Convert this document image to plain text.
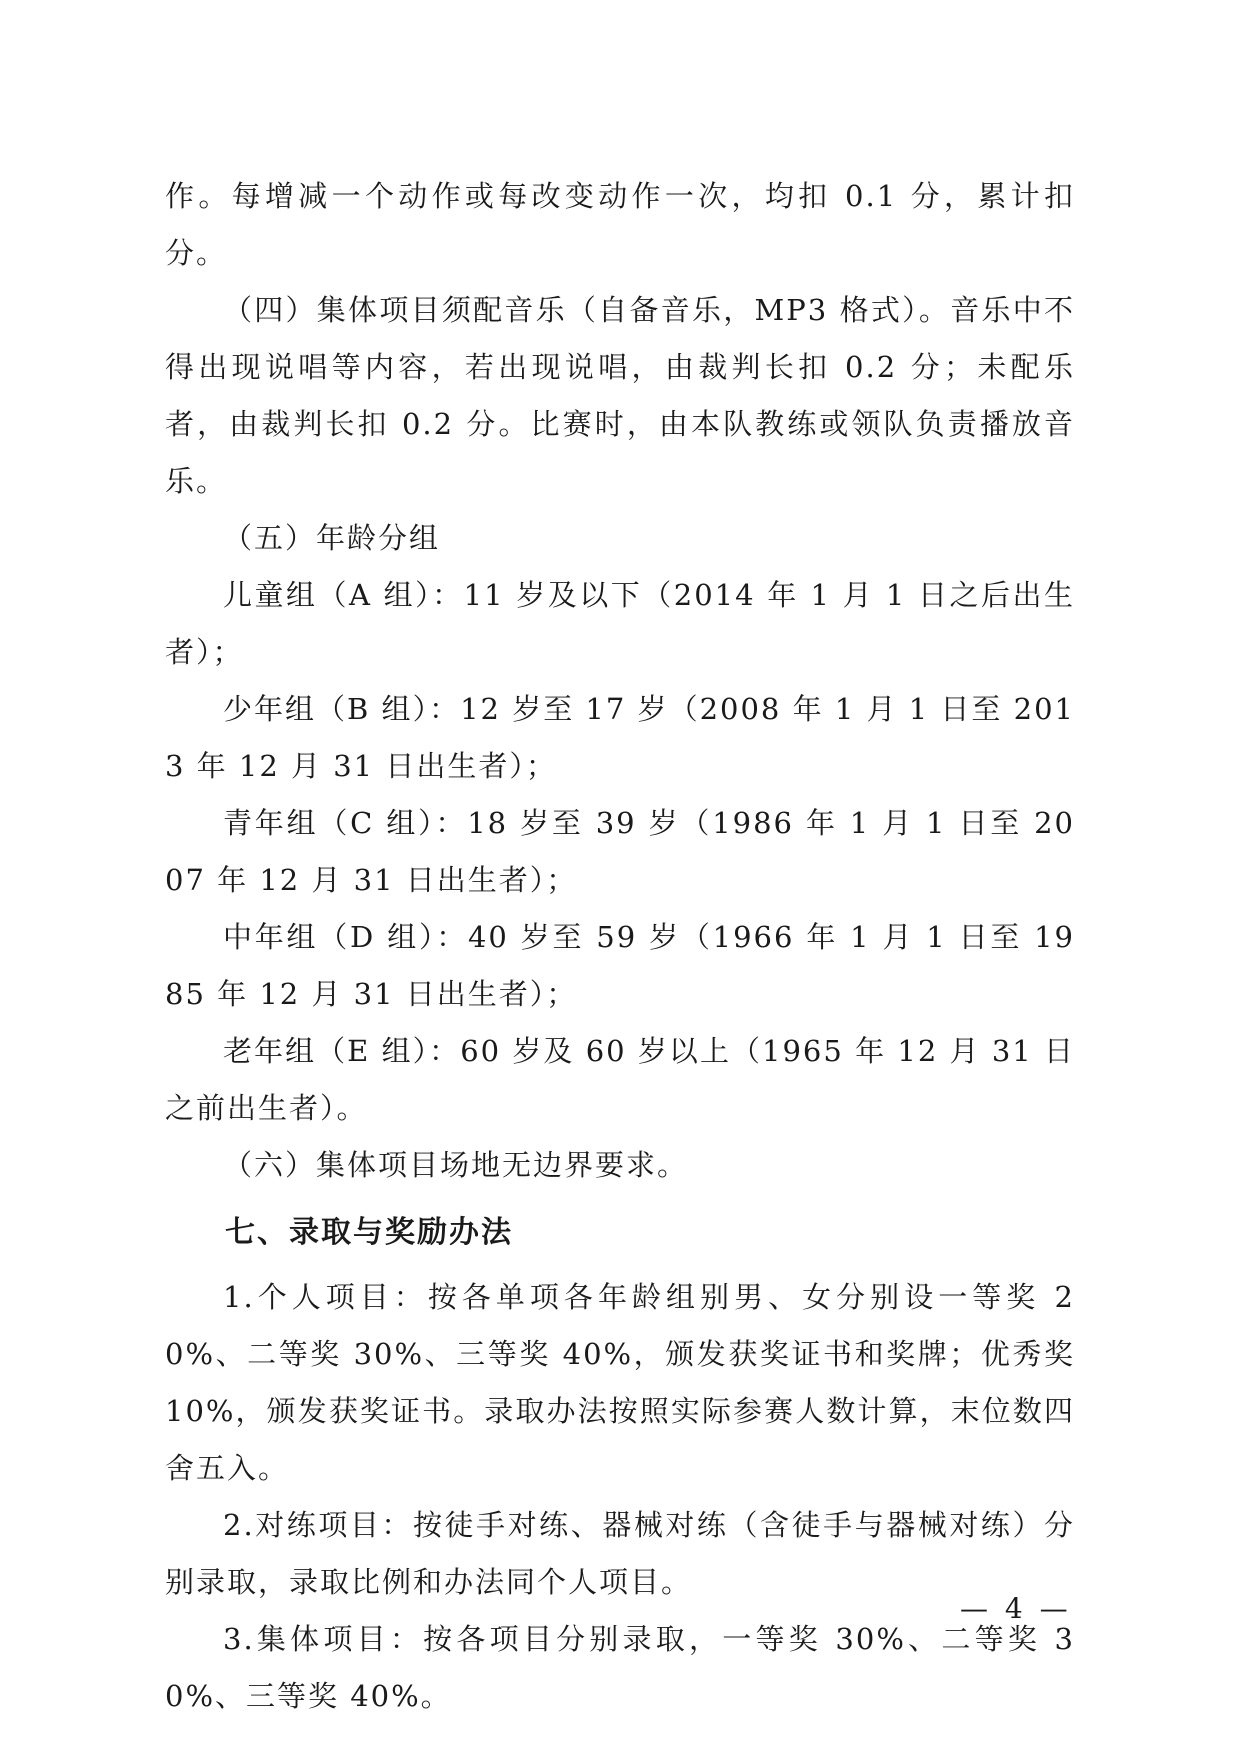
作。每增减一个动作或每改变动作一次，均扣 0.1 分，累计扣分。

（四）集体项目须配音乐（自备音乐，MP3 格式）。音乐中不得出现说唱等内容，若出现说唱，由裁判长扣 0.2 分；未配乐者，由裁判长扣 0.2 分。比赛时，由本队教练或领队负责播放音乐。

（五）年龄分组

儿童组（A 组）：11 岁及以下（2014 年 1 月 1 日之后出生者）；

少年组（B 组）：12 岁至 17 岁（2008 年 1 月 1 日至 2013 年 12 月 31 日出生者）；

青年组（C 组）：18 岁至 39 岁（1986 年 1 月 1 日至 2007 年 12 月 31 日出生者）；

中年组（D 组）：40 岁至 59 岁（1966 年 1 月 1 日至 1985 年 12 月 31 日出生者）；

老年组（E 组）：60 岁及 60 岁以上（1965 年 12 月 31 日之前出生者）。

（六）集体项目场地无边界要求。

七、录取与奖励办法

1.个人项目：按各单项各年龄组别男、女分别设一等奖 20%、二等奖 30%、三等奖 40%，颁发获奖证书和奖牌；优秀奖 10%，颁发获奖证书。录取办法按照实际参赛人数计算，末位数四舍五入。

2.对练项目：按徒手对练、器械对练（含徒手与器械对练）分别录取，录取比例和办法同个人项目。

3.集体项目：按各项目分别录取，一等奖 30%、二等奖 30%、三等奖 40%。

— 4 —
